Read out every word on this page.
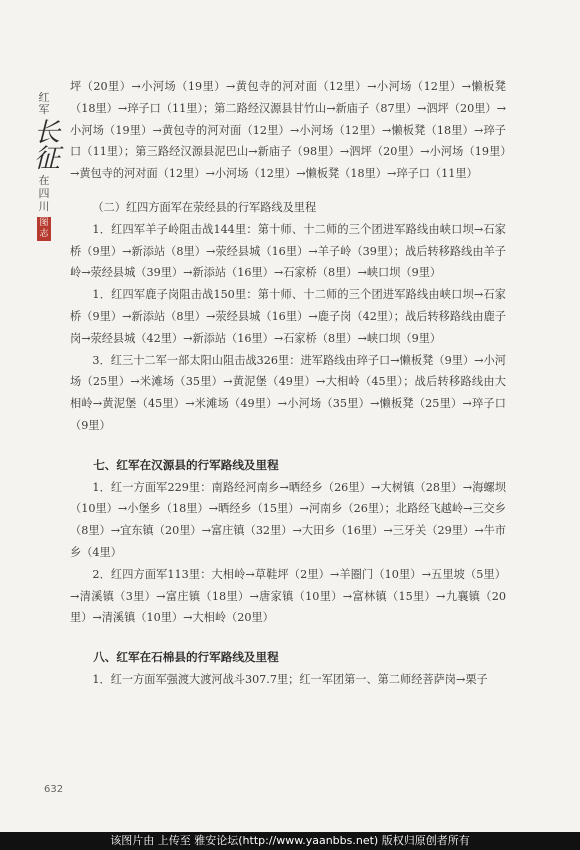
红军
长征
在四川
图志

坪（20里）→小河场（19里）→黄包寺的河对面（12里）→小河场（12里）→懒板凳（18里）→琗子口（11里）；第二路经汉源县甘竹山→新庙子（87里）→泗坪（20里）→小河场（19里）→黄包寺的河对面（12里）→小河场（12里）→懒板凳（18里）→琗子口（11里）；第三路经汉源县泥巴山→新庙子（98里）→泗坪（20里）→小河场（19里）→黄包寺的河对面（12里）→小河场（12里）→懒板凳（18里）→琗子口（11里）

（二）红四方面军在荥经县的行军路线及里程

1．红四军羊子岭阻击战144里：第十师、十二师的三个团进军路线由峡口坝→石家桥（9里）→新添站（8里）→荥经县城（16里）→羊子岭（39里）；战后转移路线由羊子岭→荥经县城（39里）→新添站（16里）→石家桥（8里）→峡口坝（9里）

1．红四军鹿子岗阻击战150里：第十师、十二师的三个团进军路线由峡口坝→石家桥（9里）→新添站（8里）→荥经县城（16里）→鹿子岗（42里）；战后转移路线由鹿子岗→荥经县城（42里）→新添站（16里）→石家桥（8里）→峡口坝（9里）

3．红三十二军一部太阳山阻击战326里：进军路线由琗子口→懒板凳（9里）→小河场（25里）→米滩场（35里）→黄泥堡（49里）→大相岭（45里）；战后转移路线由大相岭→黄泥堡（45里）→米滩场（49里）→小河场（35里）→懒板凳（25里）→琗子口（9里）

七、红军在汉源县的行军路线及里程

1．红一方面军229里：南路经河南乡→晒经乡（26里）→大树镇（28里）→海螺坝（10里）→小堡乡（18里）→晒经乡（15里）→河南乡（26里）；北路经飞越岭→三交乡（8里）→宜东镇（20里）→富庄镇（32里）→大田乡（16里）→三牙关（29里）→牛市乡（4里）

2．红四方面军113里：大相岭→草鞋坪（2里）→羊圈门（10里）→五里坡（5里）→清溪镇（3里）→富庄镇（18里）→唐家镇（10里）→富林镇（15里）→九襄镇（20里）→清溪镇（10里）→大相岭（20里）

八、红军在石棉县的行军路线及里程

1．红一方面军强渡大渡河战斗307.7里；红一军团第一、第二师经菩萨岗→栗子

632
该图片由 上传至 雅安论坛(http://www.yaanbbs.net) 版权归原创者所有
